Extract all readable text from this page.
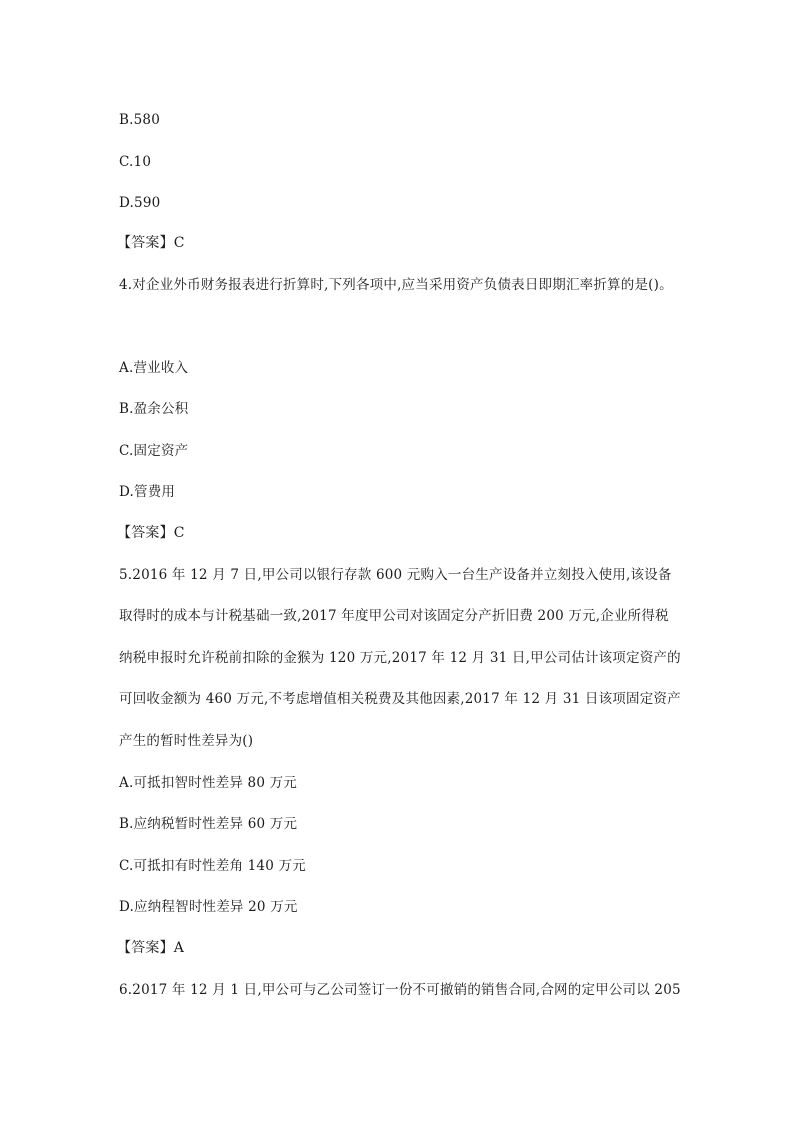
B.580
C.10
D.590
【答案】C
4.对企业外币财务报表进行折算时,下列各项中,应当采用资产负债表日即期汇率折算的是()。
A.营业收入
B.盈余公积
C.固定资产
D.管费用
【答案】C
5.2016 年 12 月 7 日,甲公司以银行存款 600 元购入一台生产设备并立刻投入使用,该设备
取得时的成本与计税基础一致,2017 年度甲公司对该固定分产折旧费 200 万元,企业所得税
纳税申报时允许税前扣除的金猴为 120 万元,2017 年 12 月 31 日,甲公司估计该项定资产的
可回收金额为 460 万元,不考虑增值相关税费及其他因素,2017 年 12 月 31 日该项固定资产
产生的暂时性差异为()
A.可抵扣智时性差异 80 万元
B.应纳税暂时性差异 60 万元
C.可抵扣有时性差角 140 万元
D.应纳程智时性差异 20 万元
【答案】A
6.2017 年 12 月 1 日,甲公可与乙公司签订一份不可撤销的销售合同,合网的定甲公司以 205
